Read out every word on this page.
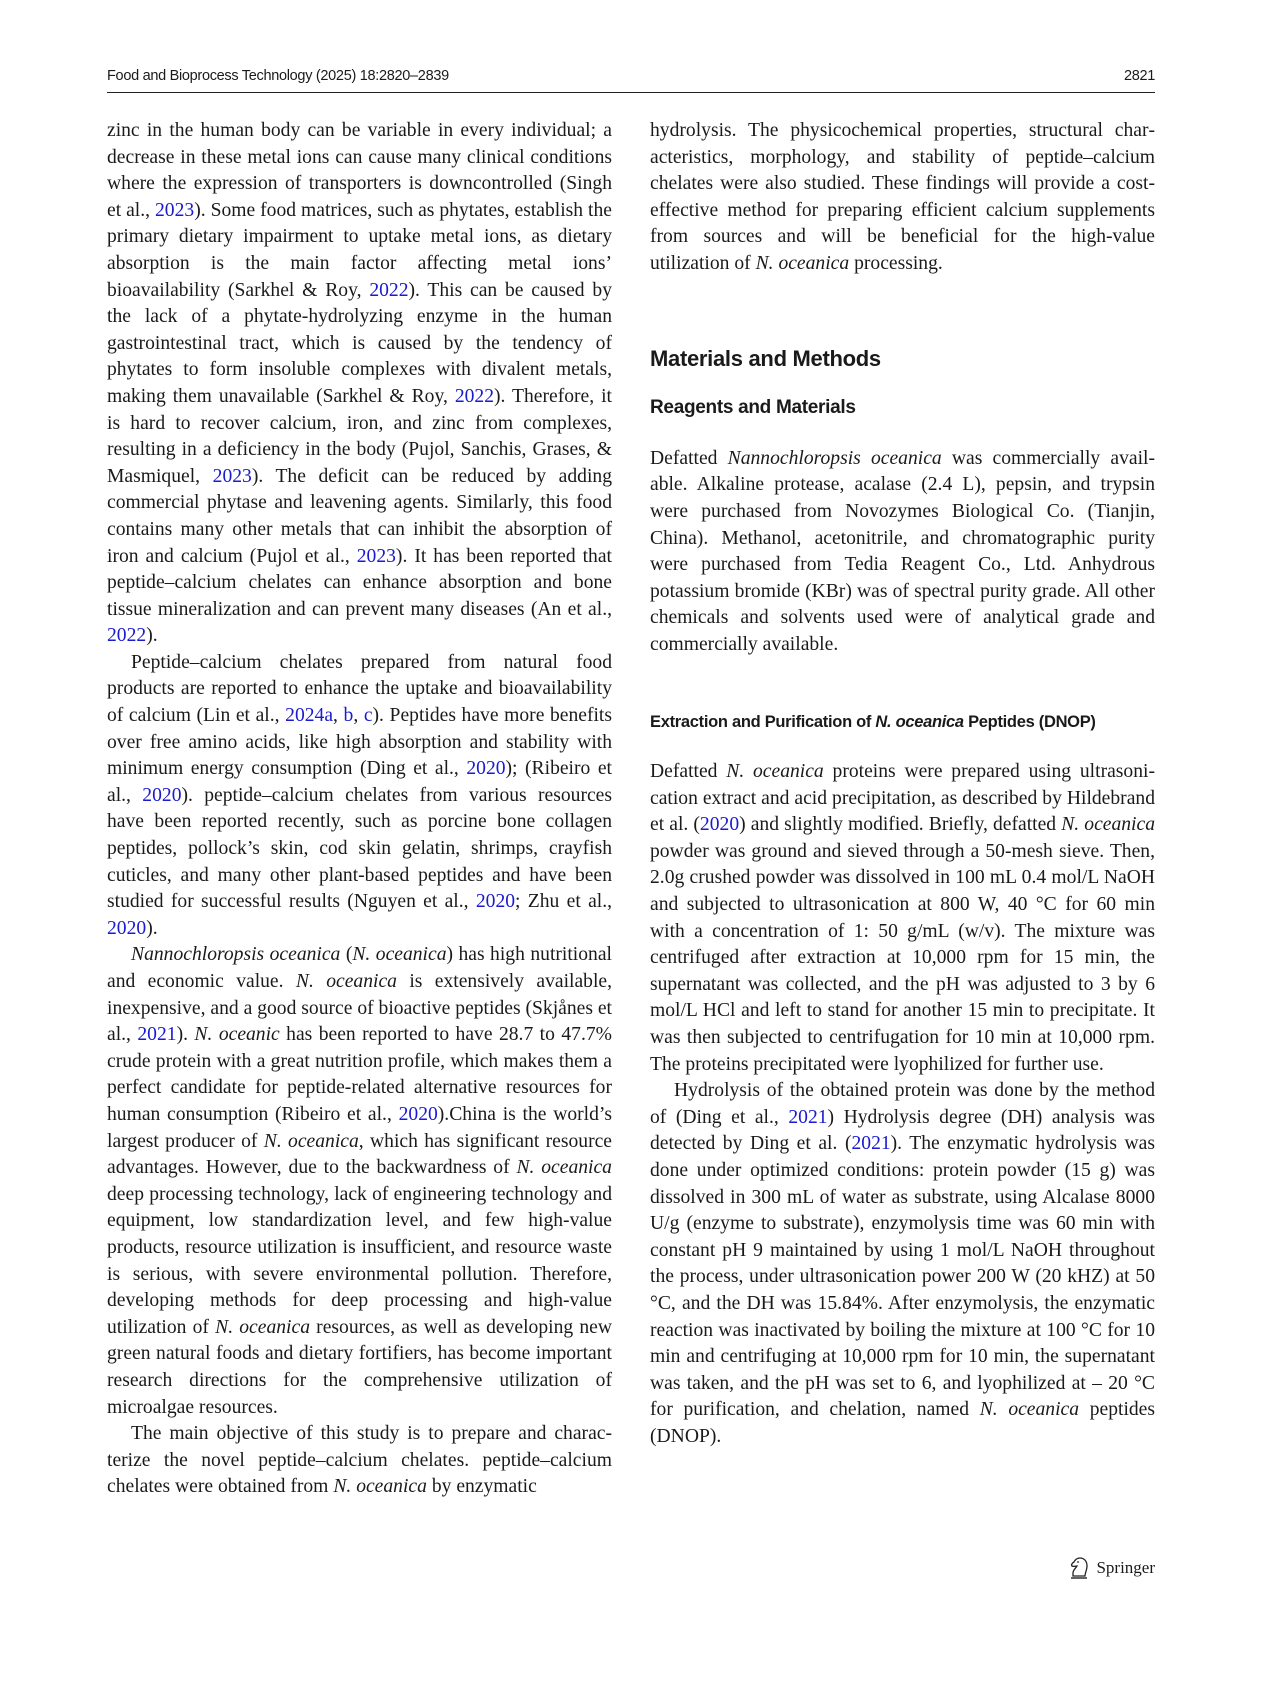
Food and Bioprocess Technology (2025) 18:2820–2839	2821

zinc in the human body can be variable in every individual; a decrease in these metal ions can cause many clinical conditions where the expression of transporters is downcontrolled (Singh et al., 2023). Some food matrices, such as phytates, establish the primary dietary impairment to uptake metal ions, as dietary absorption is the main factor affecting metal ions’ bioavailability (Sarkhel & Roy, 2022). This can be caused by the lack of a phytate-hydrolyzing enzyme in the human gastrointestinal tract, which is caused by the tendency of phytates to form insoluble complexes with divalent metals, making them unavailable (Sarkhel & Roy, 2022). Therefore, it is hard to recover calcium, iron, and zinc from complexes, resulting in a deficiency in the body (Pujol, Sanchis, Grases, & Masmiquel, 2023). The deficit can be reduced by adding commercial phytase and leavening agents. Similarly, this food contains many other metals that can inhibit the absorption of iron and calcium (Pujol et al., 2023). It has been reported that peptide–calcium chelates can enhance absorption and bone tissue mineralization and can prevent many diseases (An et al., 2022).

Peptide–calcium chelates prepared from natural food products are reported to enhance the uptake and bioavailability of calcium (Lin et al., 2024a, b, c). Peptides have more benefits over free amino acids, like high absorption and stability with minimum energy consumption (Ding et al., 2020); (Ribeiro et al., 2020). peptide–calcium chelates from various resources have been reported recently, such as porcine bone collagen peptides, pollock’s skin, cod skin gelatin, shrimps, crayfish cuticles, and many other plant-based peptides and have been studied for successful results (Nguyen et al., 2020; Zhu et al., 2020).

Nannochloropsis oceanica (N. oceanica) has high nutritional and economic value. N. oceanica is extensively available, inexpensive, and a good source of bioactive peptides (Skjånes et al., 2021). N. oceanic has been reported to have 28.7 to 47.7% crude protein with a great nutrition profile, which makes them a perfect candidate for peptide-related alternative resources for human consumption (Ribeiro et al., 2020).China is the world’s largest producer of N. oceanica, which has significant resource advantages. However, due to the backwardness of N. oceanica deep processing technology, lack of engineering technology and equipment, low standardization level, and few high-value products, resource utilization is insufficient, and resource waste is serious, with severe environmental pollution. Therefore, developing methods for deep processing and high-value utilization of N. oceanica resources, as well as developing new green natural foods and dietary fortifiers, has become important research directions for the comprehensive utilization of microalgae resources.

The main objective of this study is to prepare and characterize the novel peptide–calcium chelates. peptide–calcium chelates were obtained from N. oceanica by enzymatic

hydrolysis. The physicochemical properties, structural characteristics, morphology, and stability of peptide–calcium chelates were also studied. These findings will provide a cost-effective method for preparing efficient calcium supplements from sources and will be beneficial for the high-value utilization of N. oceanica processing.

Materials and Methods
Reagents and Materials

Defatted Nannochloropsis oceanica was commercially available. Alkaline protease, acalase (2.4 L), pepsin, and trypsin were purchased from Novozymes Biological Co. (Tianjin, China). Methanol, acetonitrile, and chromatographic purity were purchased from Tedia Reagent Co., Ltd. Anhydrous potassium bromide (KBr) was of spectral purity grade. All other chemicals and solvents used were of analytical grade and commercially available.

Extraction and Purification of N. oceanica Peptides (DNOP)

Defatted N. oceanica proteins were prepared using ultrasonication extract and acid precipitation, as described by Hildebrand et al. (2020) and slightly modified. Briefly, defatted N. oceanica powder was ground and sieved through a 50-mesh sieve. Then, 2.0g crushed powder was dissolved in 100 mL 0.4 mol/L NaOH and subjected to ultrasonication at 800 W, 40 °C for 60 min with a concentration of 1: 50 g/mL (w/v). The mixture was centrifuged after extraction at 10,000 rpm for 15 min, the supernatant was collected, and the pH was adjusted to 3 by 6 mol/L HCl and left to stand for another 15 min to precipitate. It was then subjected to centrifugation for 10 min at 10,000 rpm. The proteins precipitated were lyophilized for further use.

Hydrolysis of the obtained protein was done by the method of (Ding et al., 2021) Hydrolysis degree (DH) analysis was detected by Ding et al. (2021). The enzymatic hydrolysis was done under optimized conditions: protein powder (15 g) was dissolved in 300 mL of water as substrate, using Alcalase 8000 U/g (enzyme to substrate), enzymolysis time was 60 min with constant pH 9 maintained by using 1 mol/L NaOH throughout the process, under ultrasonication power 200 W (20 kHZ) at 50 °C, and the DH was 15.84%. After enzymolysis, the enzymatic reaction was inactivated by boiling the mixture at 100 °C for 10 min and centrifuging at 10,000 rpm for 10 min, the supernatant was taken, and the pH was set to 6, and lyophilized at – 20 °C for purification, and chelation, named N. oceanica peptides (DNOP).

Springer
